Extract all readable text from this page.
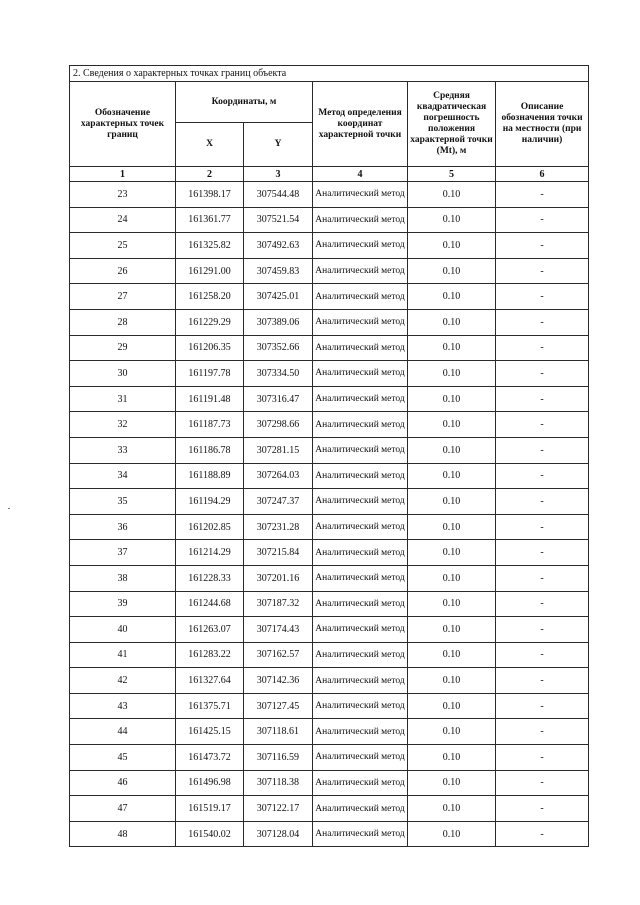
2. Сведения о характерных точках границ объекта					
Обозначение характерных точек границ	Координаты, м		Метод определения координат характерной точки	Средняя квадратическая погрешность положения характерной точки (Mt), м	Описание обозначения точки на местности (при наличии)
	X	Y			
1	2	3	4	5	6
23	161398.17	307544.48	Аналитический метод	0.10	-
24	161361.77	307521.54	Аналитический метод	0.10	-
25	161325.82	307492.63	Аналитический метод	0.10	-
26	161291.00	307459.83	Аналитический метод	0.10	-
27	161258.20	307425.01	Аналитический метод	0.10	-
28	161229.29	307389.06	Аналитический метод	0.10	-
29	161206.35	307352.66	Аналитический метод	0.10	-
30	161197.78	307334.50	Аналитический метод	0.10	-
31	161191.48	307316.47	Аналитический метод	0.10	-
32	161187.73	307298.66	Аналитический метод	0.10	-
33	161186.78	307281.15	Аналитический метод	0.10	-
34	161188.89	307264.03	Аналитический метод	0.10	-
35	161194.29	307247.37	Аналитический метод	0.10	-
36	161202.85	307231.28	Аналитический метод	0.10	-
37	161214.29	307215.84	Аналитический метод	0.10	-
38	161228.33	307201.16	Аналитический метод	0.10	-
39	161244.68	307187.32	Аналитический метод	0.10	-
40	161263.07	307174.43	Аналитический метод	0.10	-
41	161283.22	307162.57	Аналитический метод	0.10	-
42	161327.64	307142.36	Аналитический метод	0.10	-
43	161375.71	307127.45	Аналитический метод	0.10	-
44	161425.15	307118.61	Аналитический метод	0.10	-
45	161473.72	307116.59	Аналитический метод	0.10	-
46	161496.98	307118.38	Аналитический метод	0.10	-
47	161519.17	307122.17	Аналитический метод	0.10	-
48	161540.02	307128.04	Аналитический метод	0.10	-
